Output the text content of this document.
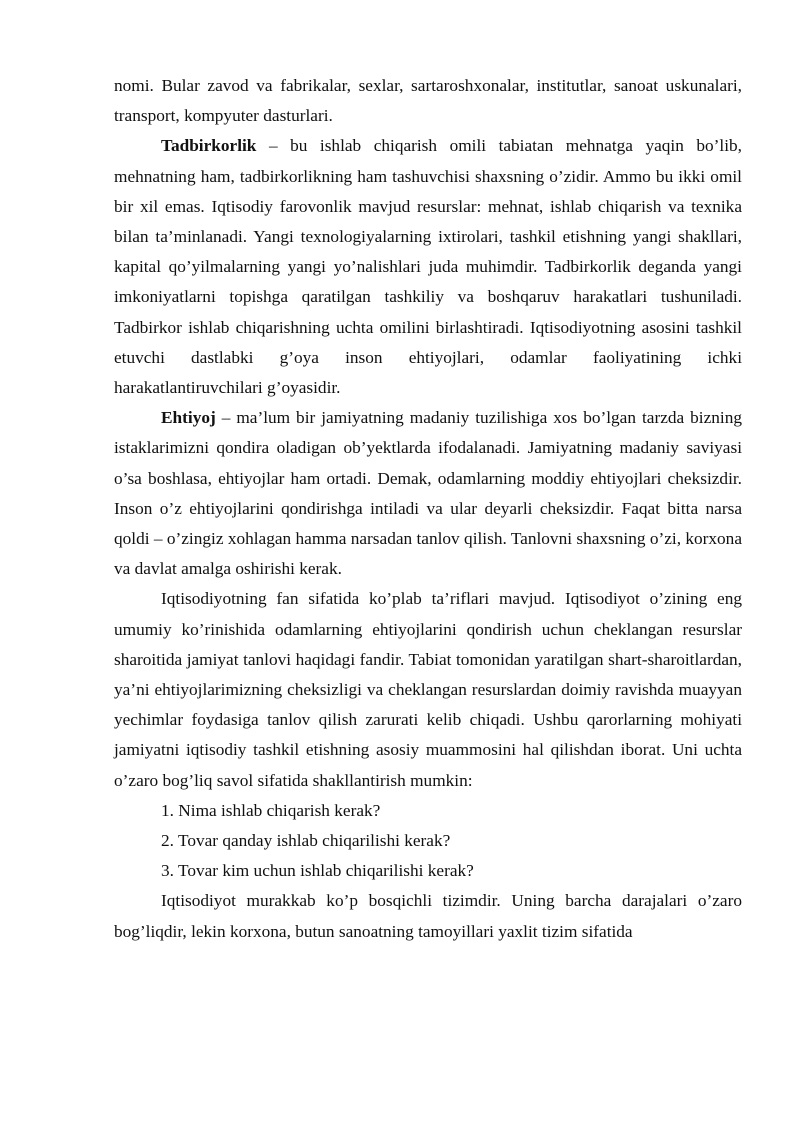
nomi. Bular zavod va fabrikalar, sexlar, sartaroshxonalar, institutlar, sanoat uskunalari, transport, kompyuter dasturlari.

Tadbirkorlik – bu ishlab chiqarish omili tabiatan mehnatga yaqin bo’lib, mehnatning ham, tadbirkorlikning ham tashuvchisi shaxsning o’zidir. Ammo bu ikki omil bir xil emas. Iqtisodiy farovonlik mavjud resurslar: mehnat, ishlab chiqarish va texnika bilan ta’minlanadi. Yangi texnologiyalarning ixtirolari, tashkil etishning yangi shakllari, kapital qo’yilmalarning yangi yo’nalishlari juda muhimdir. Tadbirkorlik deganda yangi imkoniyatlarni topishga qaratilgan tashkiliy va boshqaruv harakatlari tushuniladi. Tadbirkor ishlab chiqarishning uchta omilini birlashtiradi. Iqtisodiyotning asosini tashkil etuvchi dastlabki g’oya inson ehtiyojlari, odamlar faoliyatining ichki harakatlantiruvchilari g’oyasidir.

Ehtiyoj – ma’lum bir jamiyatning madaniy tuzilishiga xos bo’lgan tarzda bizning istaklarimizni qondira oladigan ob’yektlarda ifodalanadi. Jamiyatning madaniy saviyasi o’sa boshlasa, ehtiyojlar ham ortadi. Demak, odamlarning moddiy ehtiyojlari cheksizdir. Inson o’z ehtiyojlarini qondirishga intiladi va ular deyarli cheksizdir. Faqat bitta narsa qoldi – o’zingiz xohlagan hamma narsadan tanlov qilish. Tanlovni shaxsning o’zi, korxona va davlat amalga oshirishi kerak.

Iqtisodiyotning fan sifatida ko’plab ta’riflari mavjud. Iqtisodiyot o’zining eng umumiy ko’rinishida odamlarning ehtiyojlarini qondirish uchun cheklangan resurslar sharoitida jamiyat tanlovi haqidagi fandir. Tabiat tomonidan yaratilgan shart-sharoitlardan, ya’ni ehtiyojlarimizning cheksizligi va cheklangan resurslardan doimiy ravishda muayyan yechimlar foydasiga tanlov qilish zarurati kelib chiqadi. Ushbu qarorlarning mohiyati jamiyatni iqtisodiy tashkil etishning asosiy muammosini hal qilishdan iborat. Uni uchta o’zaro bog’liq savol sifatida shakllantirish mumkin:

1. Nima ishlab chiqarish kerak?

2. Tovar qanday ishlab chiqarilishi kerak?

3. Tovar kim uchun ishlab chiqarilishi kerak?

Iqtisodiyot murakkab ko’p bosqichli tizimdir. Uning barcha darajalari o’zaro bog’liqdir, lekin korxona, butun sanoatning tamoyillari yaxlit tizim sifatida
